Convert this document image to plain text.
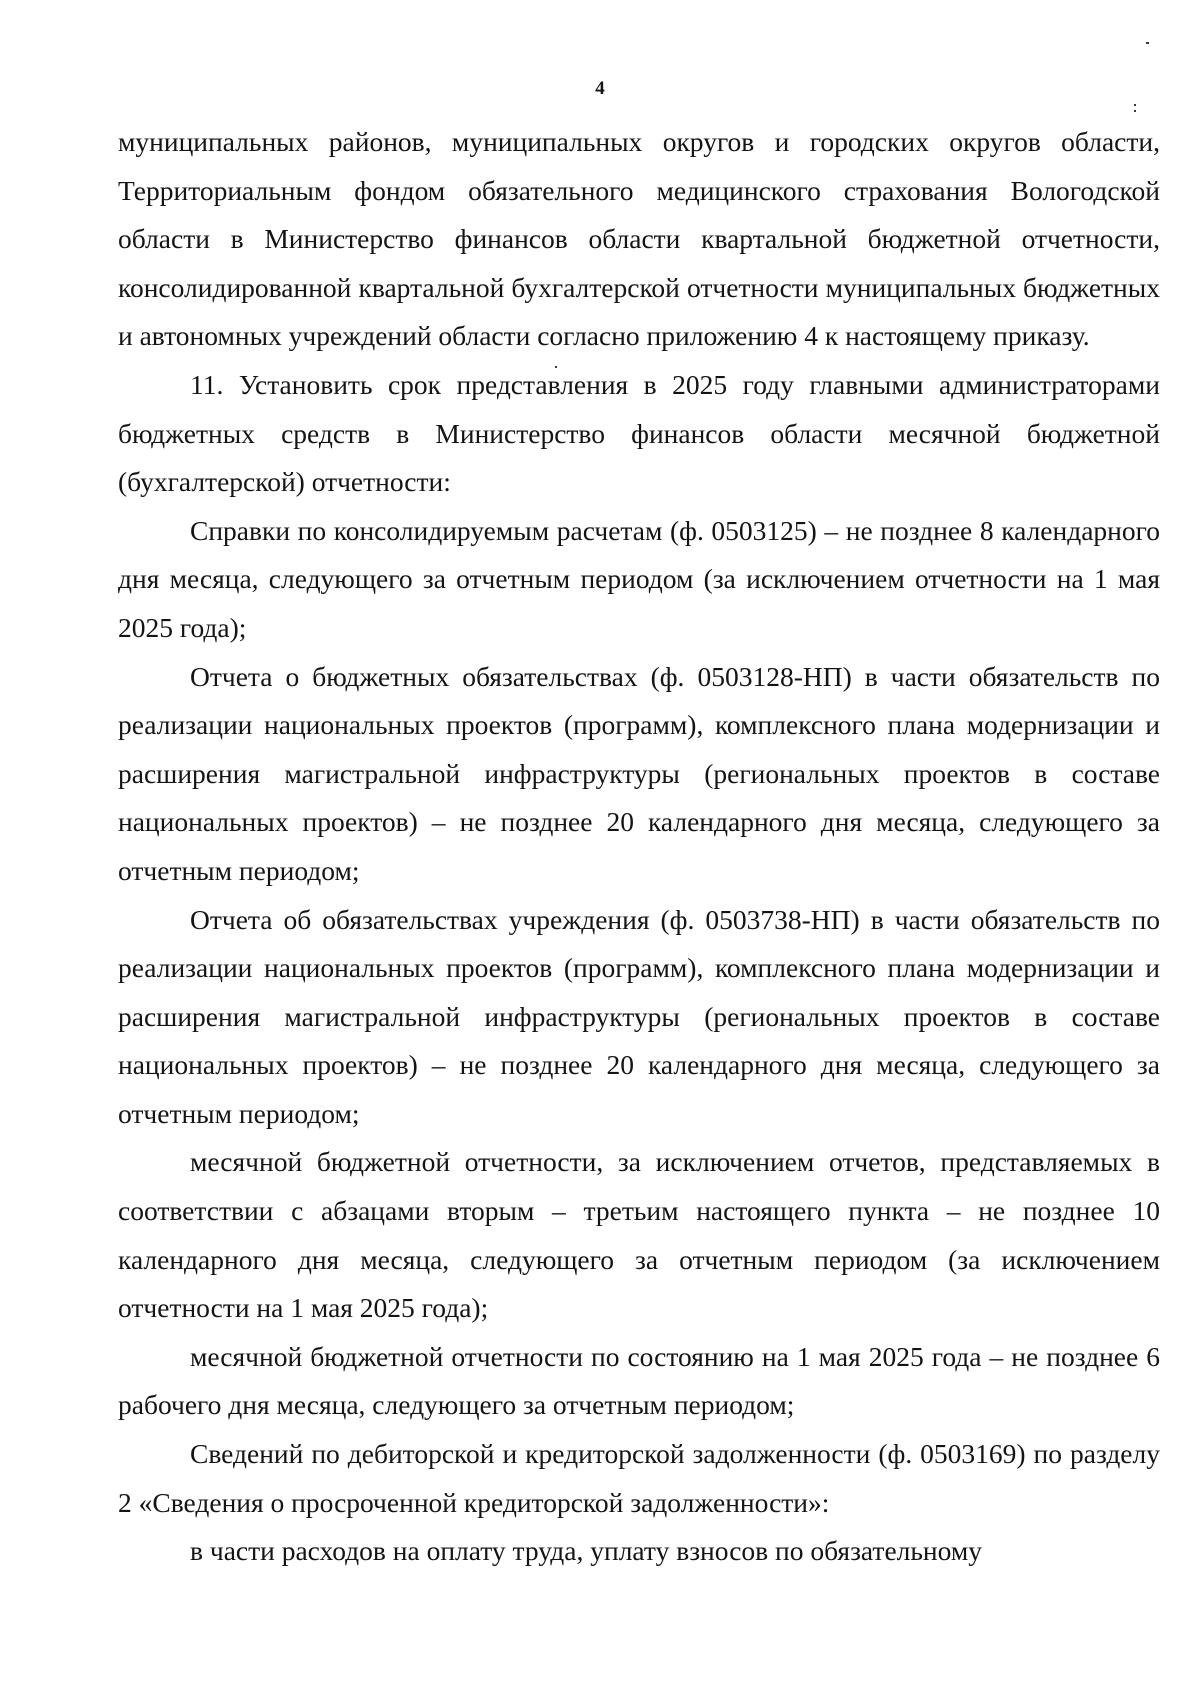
4

муниципальных районов, муниципальных округов и городских округов области, Территориальным фондом обязательного медицинского страхования Вологодской области в Министерство финансов области квартальной бюджетной отчетности, консолидированной квартальной бухгалтерской отчетности муниципальных бюджетных и автономных учреждений области согласно приложению 4 к настоящему приказу.

11. Установить срок представления в 2025 году главными администраторами бюджетных средств в Министерство финансов области месячной бюджетной (бухгалтерской) отчетности:

Справки по консолидируемым расчетам (ф. 0503125) – не позднее 8 календарного дня месяца, следующего за отчетным периодом (за исключением отчетности на 1 мая 2025 года);

Отчета о бюджетных обязательствах (ф. 0503128-НП) в части обязательств по реализации национальных проектов (программ), комплексного плана модернизации и расширения магистральной инфраструктуры (региональных проектов в составе национальных проектов) – не позднее 20 календарного дня месяца, следующего за отчетным периодом;

Отчета об обязательствах учреждения (ф. 0503738-НП) в части обязательств по реализации национальных проектов (программ), комплексного плана модернизации и расширения магистральной инфраструктуры (региональных проектов в составе национальных проектов) – не позднее 20 календарного дня месяца, следующего за отчетным периодом;

месячной бюджетной отчетности, за исключением отчетов, представляемых в соответствии с абзацами вторым – третьим настоящего пункта – не позднее 10 календарного дня месяца, следующего за отчетным периодом (за исключением отчетности на 1 мая 2025 года);

месячной бюджетной отчетности по состоянию на 1 мая 2025 года – не позднее 6 рабочего дня месяца, следующего за отчетным периодом;

Сведений по дебиторской и кредиторской задолженности (ф. 0503169) по разделу 2 «Сведения о просроченной кредиторской задолженности»:

в части расходов на оплату труда, уплату взносов по обязательному
